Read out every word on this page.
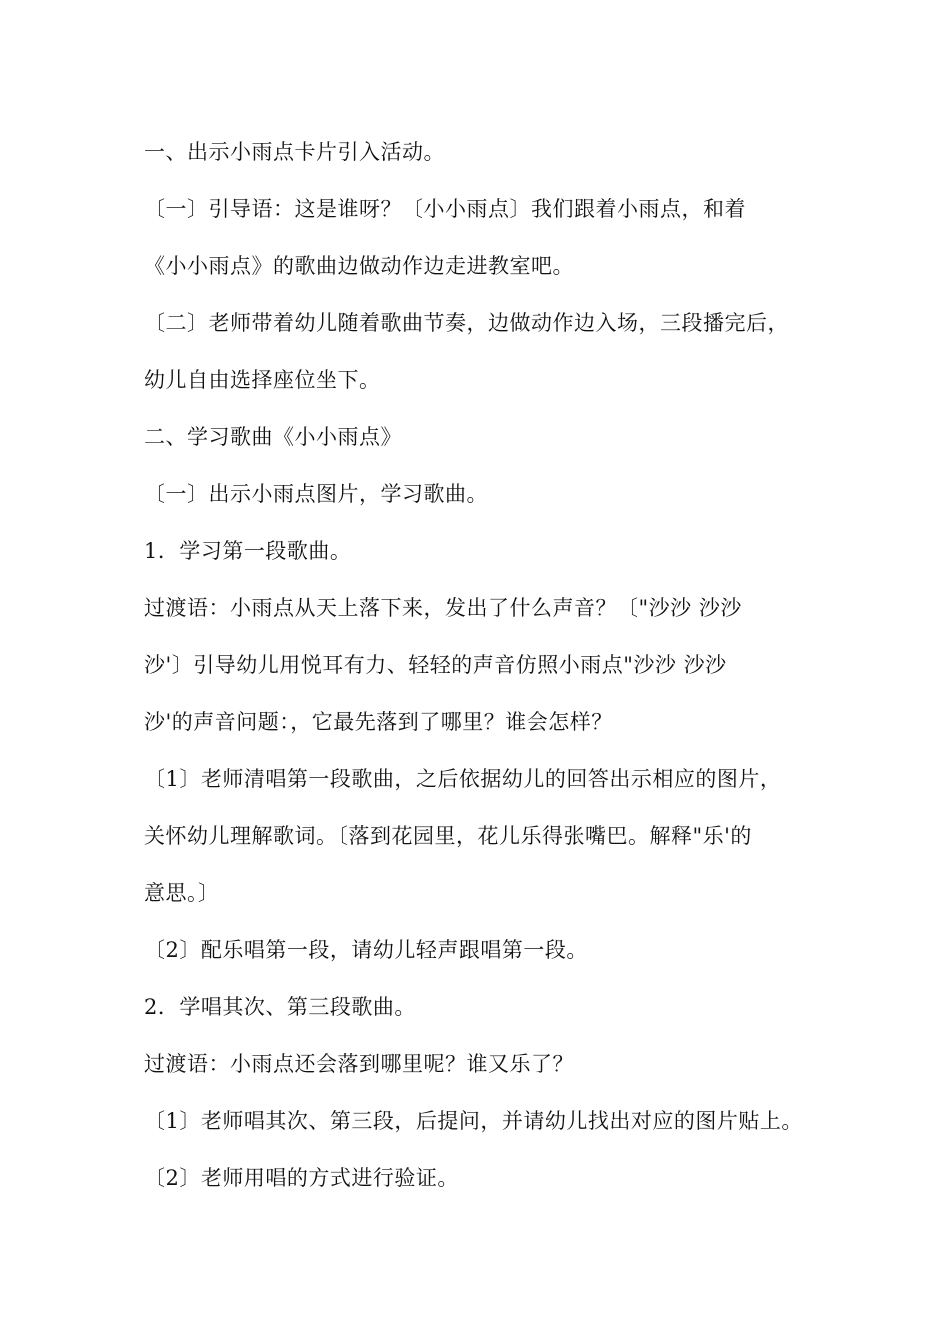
一、出示小雨点卡片引入活动。
〔一〕引导语：这是谁呀？〔小小雨点〕我们跟着小雨点，和着
《小小雨点》的歌曲边做动作边走进教室吧。
〔二〕老师带着幼儿随着歌曲节奏，边做动作边入场，三段播完后，
幼儿自由选择座位坐下。
二、学习歌曲《小小雨点》
〔一〕出示小雨点图片，学习歌曲。
1．学习第一段歌曲。
过渡语：小雨点从天上落下来，发出了什么声音？〔"沙沙 沙沙
沙'〕引导幼儿用悦耳有力、轻轻的声音仿照小雨点"沙沙 沙沙
沙'的声音问题：，它最先落到了哪里？谁会怎样？
〔1〕老师清唱第一段歌曲，之后依据幼儿的回答出示相应的图片，
关怀幼儿理解歌词。〔落到花园里，花儿乐得张嘴巴。解释"乐'的
意思。〕
〔2〕配乐唱第一段，请幼儿轻声跟唱第一段。
2．学唱其次、第三段歌曲。
过渡语：小雨点还会落到哪里呢？谁又乐了？
〔1〕老师唱其次、第三段，后提问，并请幼儿找出对应的图片贴上。
〔2〕老师用唱的方式进行验证。
